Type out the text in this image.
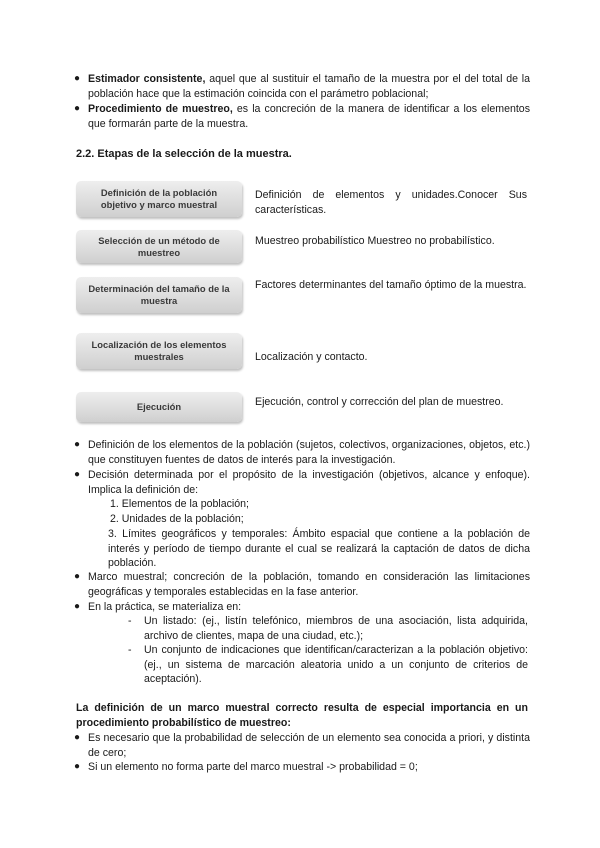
● Estimador consistente, aquel que al sustituir el tamaño de la muestra por el del total de la población hace que la estimación coincida con el parámetro poblacional;
● Procedimiento de muestreo, es la concreción de la manera de identificar a los elementos que formarán parte de la muestra.
2.2. Etapas de la selección de la muestra.
Definición de la población objetivo y marco muestral
Definición de elementos y unidades.Conocer Sus características.
Selección de un método de muestreo
Muestreo probabilístico Muestreo no probabilístico.
Determinación del tamaño de la muestra
Factores determinantes del tamaño óptimo de la muestra.
Localización de los elementos muestrales	Localización y contacto.
Ejecución	Ejecución, control y corrección del plan de muestreo.
● Definición de los elementos de la población (sujetos, colectivos, organizaciones, objetos, etc.) que constituyen fuentes de datos de interés para la investigación.
● Decisión determinada por el propósito de la investigación (objetivos, alcance y enfoque). Implica la definición de:
1. Elementos de la población;
2. Unidades de la población;
3. Límites geográficos y temporales: Ámbito espacial que contiene a la población de interés y período de tiempo durante el cual se realizará la captación de datos de dicha población.
● Marco muestral; concreción de la población, tomando en consideración las limitaciones geográficas y temporales establecidas en la fase anterior.
● En la práctica, se materializa en:
- Un listado: (ej., listín telefónico, miembros de una asociación, lista adquirida, archivo de clientes, mapa de una ciudad, etc.);
- Un conjunto de indicaciones que identifican/caracterizan a la población objetivo: (ej., un sistema de marcación aleatoria unido a un conjunto de criterios de aceptación).
La definición de un marco muestral correcto resulta de especial importancia en un procedimiento probabilístico de muestreo:
● Es necesario que la probabilidad de selección de un elemento sea conocida a priori, y distinta de cero;
● Si un elemento no forma parte del marco muestral -> probabilidad = 0;
